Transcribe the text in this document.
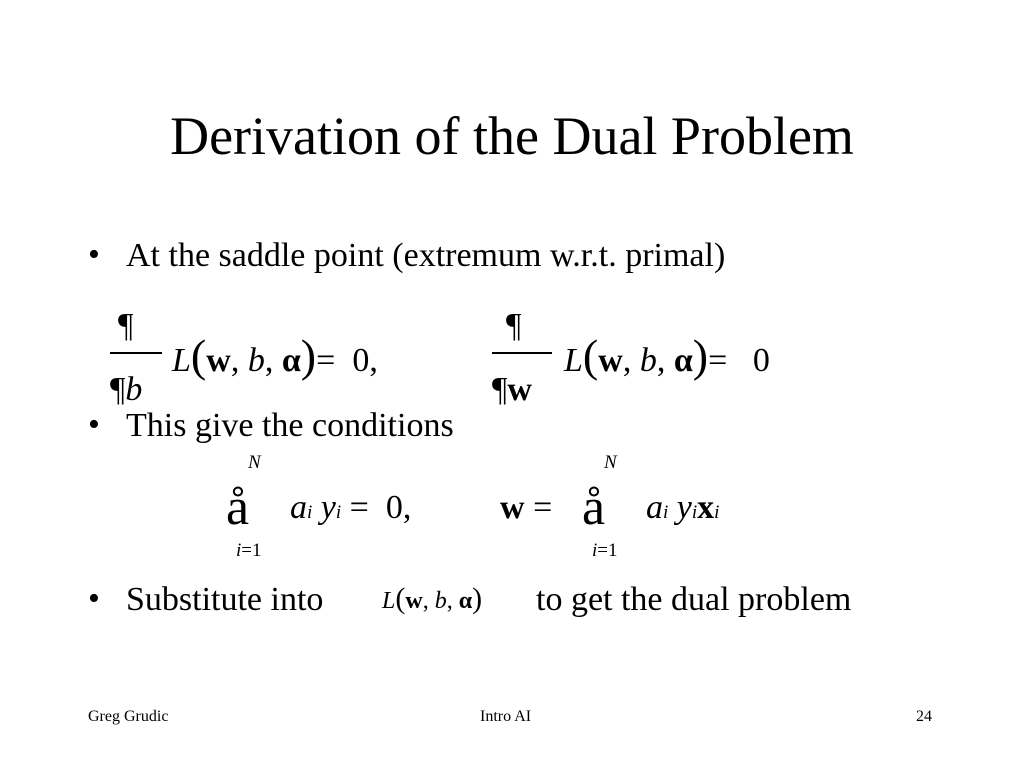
Derivation of the Dual Problem
• At the saddle point (extremum w.r.t. primal)
¶
¶b
L(w, b, α)= 0,
¶
¶w
L(w, b, α)= 0
• This give the conditions
N
å
i=1
ai yi = 0,	w =
N
å
i=1
ai yixi
• Substitute into L(w, b, α) to get the dual problem
Greg Grudic	Intro AI	24
